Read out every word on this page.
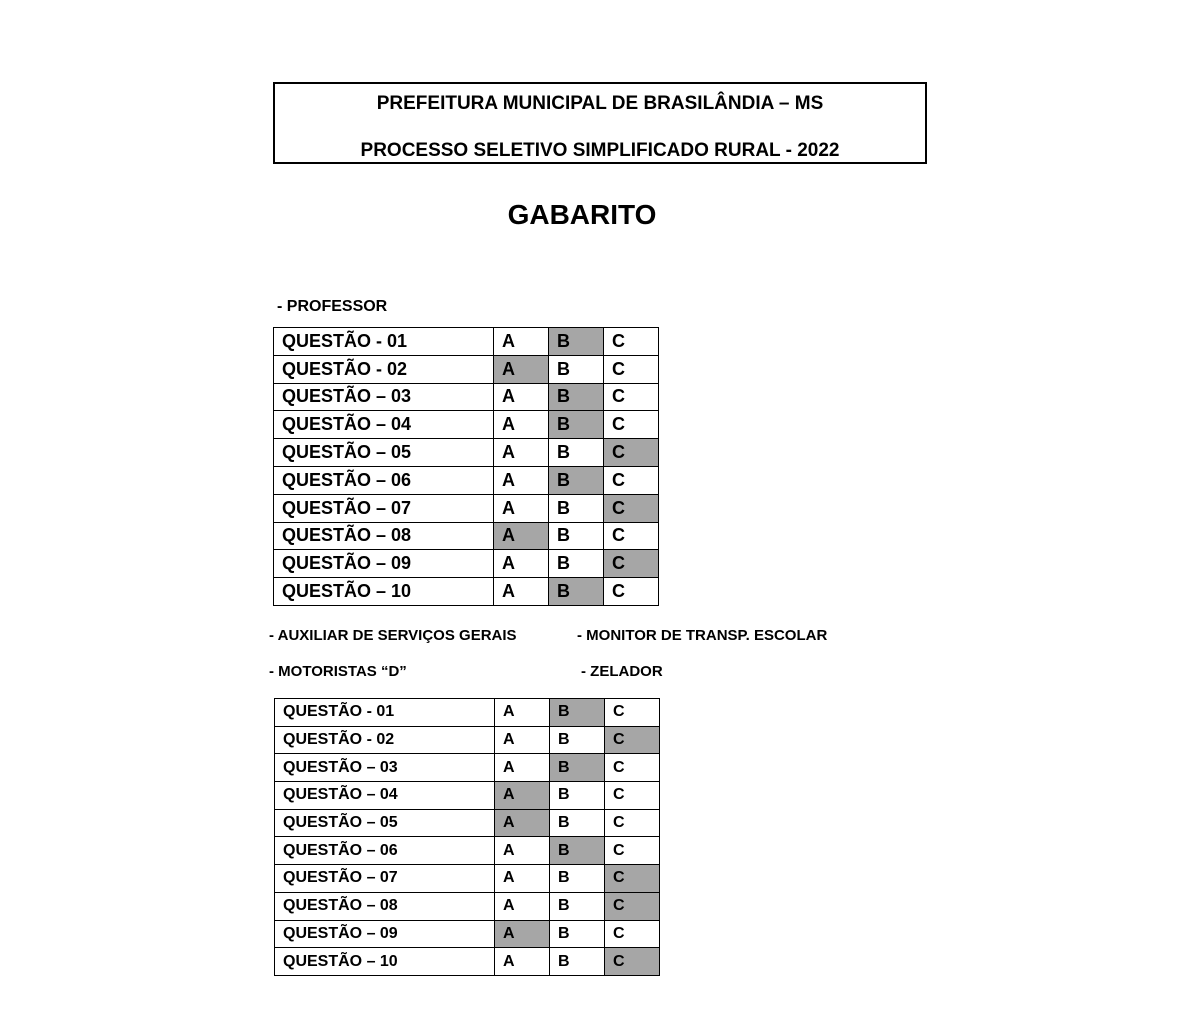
PREFEITURA MUNICIPAL DE BRASILÂNDIA – MS
PROCESSO SELETIVO SIMPLIFICADO RURAL - 2022
GABARITO
- PROFESSOR
QUESTÃO - 01	A	B	C
QUESTÃO - 02	A	B	C
QUESTÃO – 03	A	B	C
QUESTÃO – 04	A	B	C
QUESTÃO – 05	A	B	C
QUESTÃO – 06	A	B	C
QUESTÃO – 07	A	B	C
QUESTÃO – 08	A	B	C
QUESTÃO – 09	A	B	C
QUESTÃO – 10	A	B	C
- AUXILIAR DE SERVIÇOS GERAIS	- MONITOR DE TRANSP. ESCOLAR
- MOTORISTAS “D”	- ZELADOR
QUESTÃO - 01	A	B	C
QUESTÃO - 02	A	B	C
QUESTÃO – 03	A	B	C
QUESTÃO – 04	A	B	C
QUESTÃO – 05	A	B	C
QUESTÃO – 06	A	B	C
QUESTÃO – 07	A	B	C
QUESTÃO – 08	A	B	C
QUESTÃO – 09	A	B	C
QUESTÃO – 10	A	B	C
